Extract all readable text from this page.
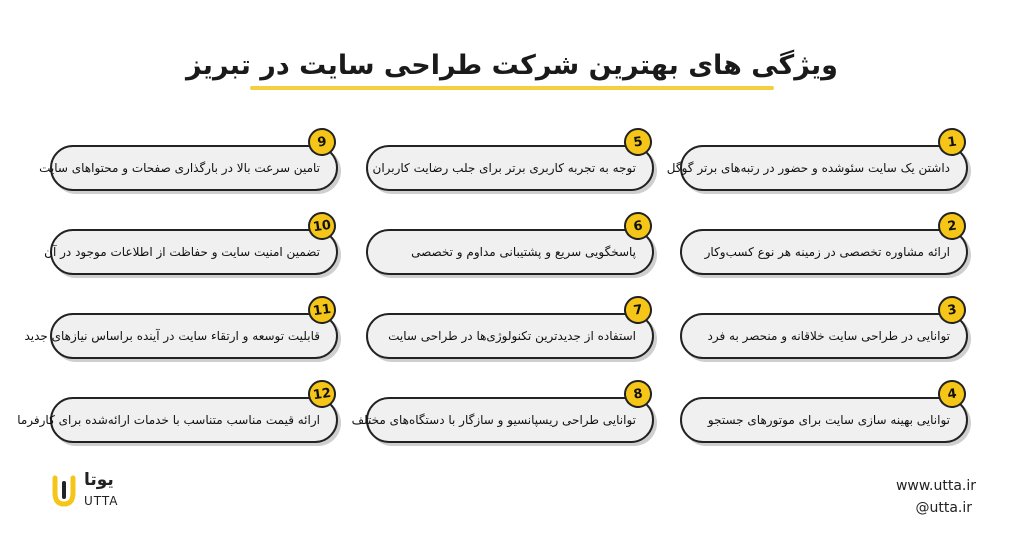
ویژگی های بهترین شرکت طراحی سایت در تبریز
داشتن یک سایت سئوشده و حضور در رتبه‌های برتر گوگل
1
ارائه مشاوره تخصصی در زمینه هر نوع کسب‌وکار
2
توانایی در طراحی سایت خلاقانه و منحصر به فرد
3
توانایی بهینه سازی سایت برای موتورهای جستجو
4
توجه به تجربه کاربری برتر برای جلب رضایت کاربران
5
پاسخگویی سریع و پشتیبانی مداوم و تخصصی
6
استفاده از جدیدترین تکنولوژی‌ها در طراحی سایت
7
توانایی طراحی ریسپانسیو و سازگار با دستگاه‌های مختلف
8
تامین سرعت بالا در بارگذاری صفحات و محتواهای سایت
9
تضمین امنیت سایت و حفاظت از اطلاعات موجود در آن
10
قابلیت توسعه و ارتقاء سایت در آینده براساس نیازهای جدید
11
ارائه قیمت مناسب متناسب با خدمات ارائه‌شده برای کارفرما
12
یوتا
UTTA
www.utta.ir
@utta.ir
